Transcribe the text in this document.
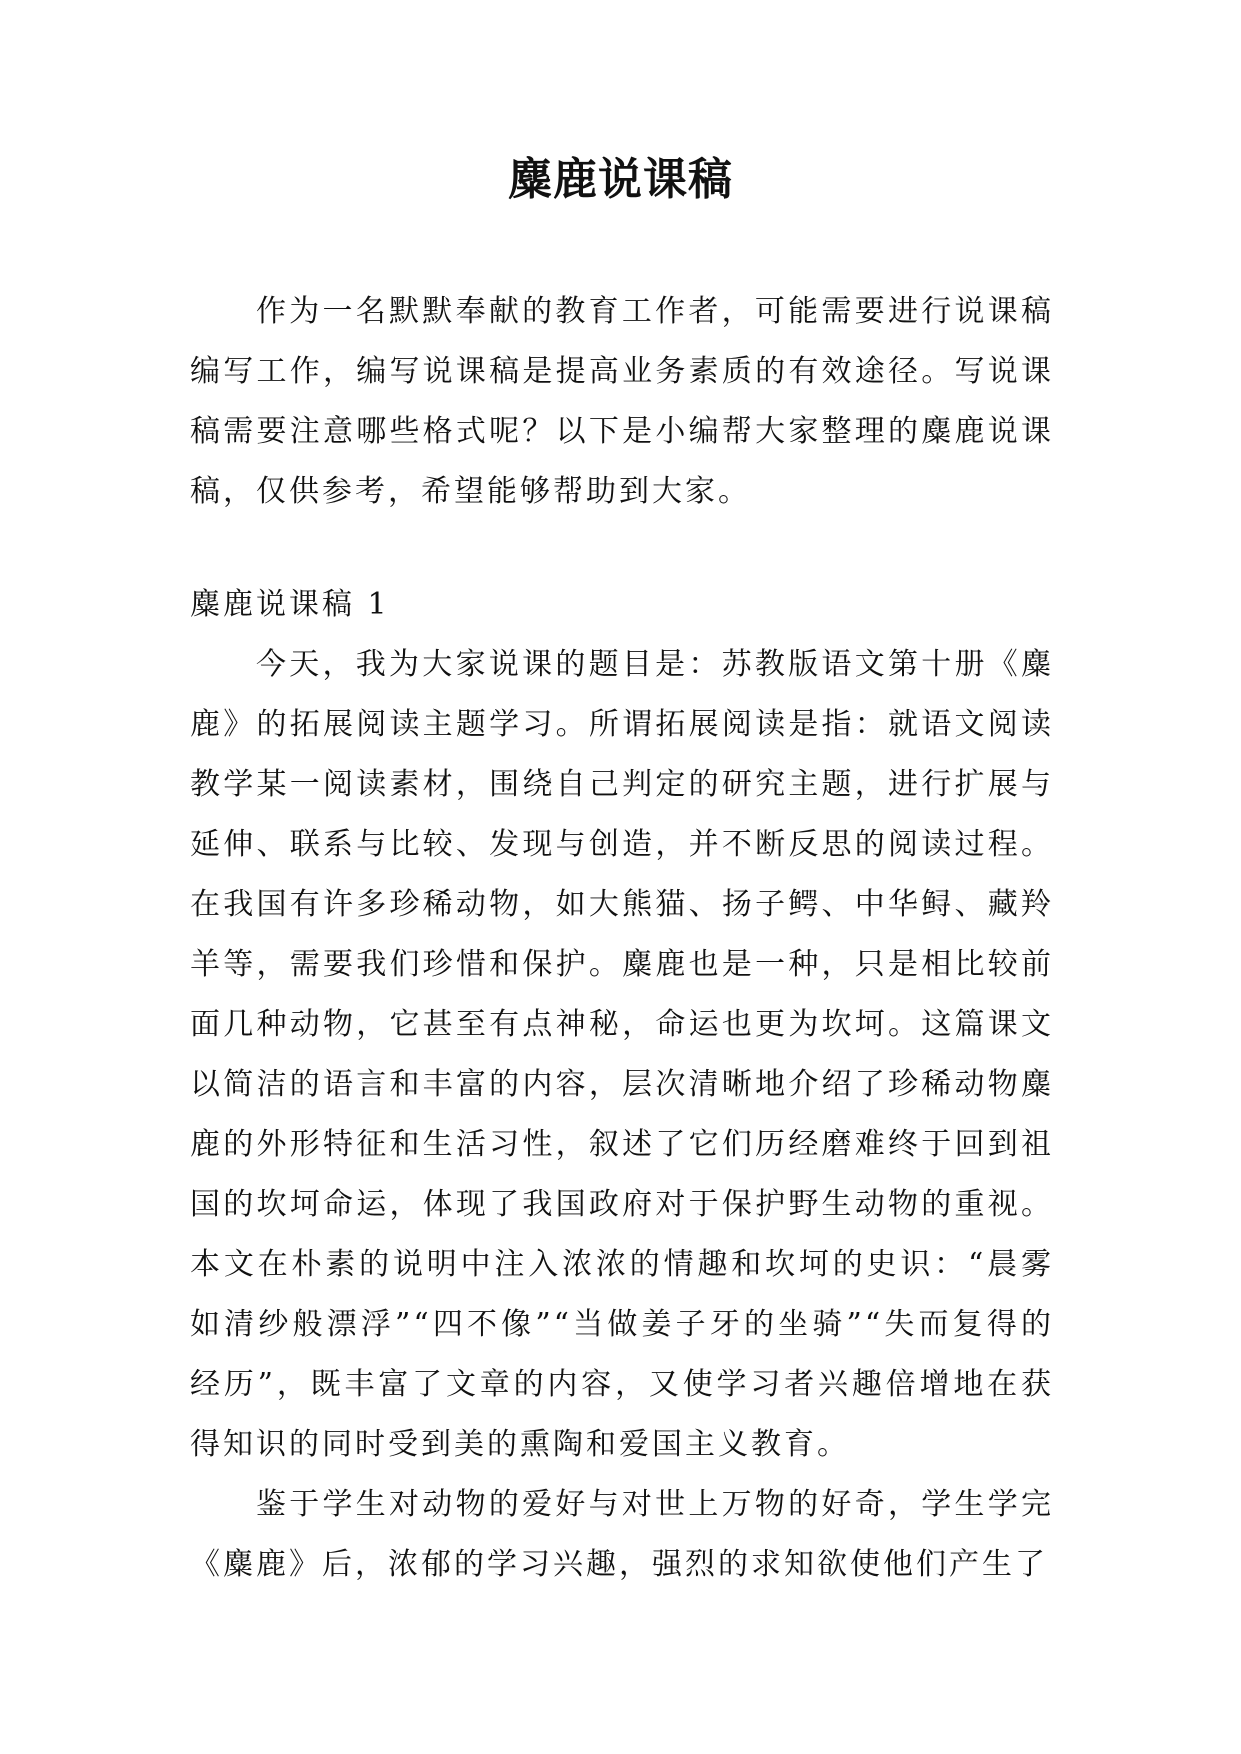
麋鹿说课稿

作为一名默默奉献的教育工作者，可能需要进行说课稿编写工作，编写说课稿是提高业务素质的有效途径。写说课稿需要注意哪些格式呢？以下是小编帮大家整理的麋鹿说课稿，仅供参考，希望能够帮助到大家。

麋鹿说课稿 1

今天，我为大家说课的题目是：苏教版语文第十册《麋鹿》的拓展阅读主题学习。所谓拓展阅读是指：就语文阅读教学某一阅读素材，围绕自己判定的研究主题，进行扩展与延伸、联系与比较、发现与创造，并不断反思的阅读过程。在我国有许多珍稀动物，如大熊猫、扬子鳄、中华鲟、藏羚羊等，需要我们珍惜和保护。麋鹿也是一种，只是相比较前面几种动物，它甚至有点神秘，命运也更为坎坷。这篇课文以简洁的语言和丰富的内容，层次清晰地介绍了珍稀动物麋鹿的外形特征和生活习性，叙述了它们历经磨难终于回到祖国的坎坷命运，体现了我国政府对于保护野生动物的重视。本文在朴素的说明中注入浓浓的情趣和坎坷的史识：“晨雾如清纱般漂浮”“四不像”“当做姜子牙的坐骑”“失而复得的经历”，既丰富了文章的内容，又使学习者兴趣倍增地在获得知识的同时受到美的熏陶和爱国主义教育。

鉴于学生对动物的爱好与对世上万物的好奇，学生学完《麋鹿》后，浓郁的学习兴趣，强烈的求知欲使他们产生了
